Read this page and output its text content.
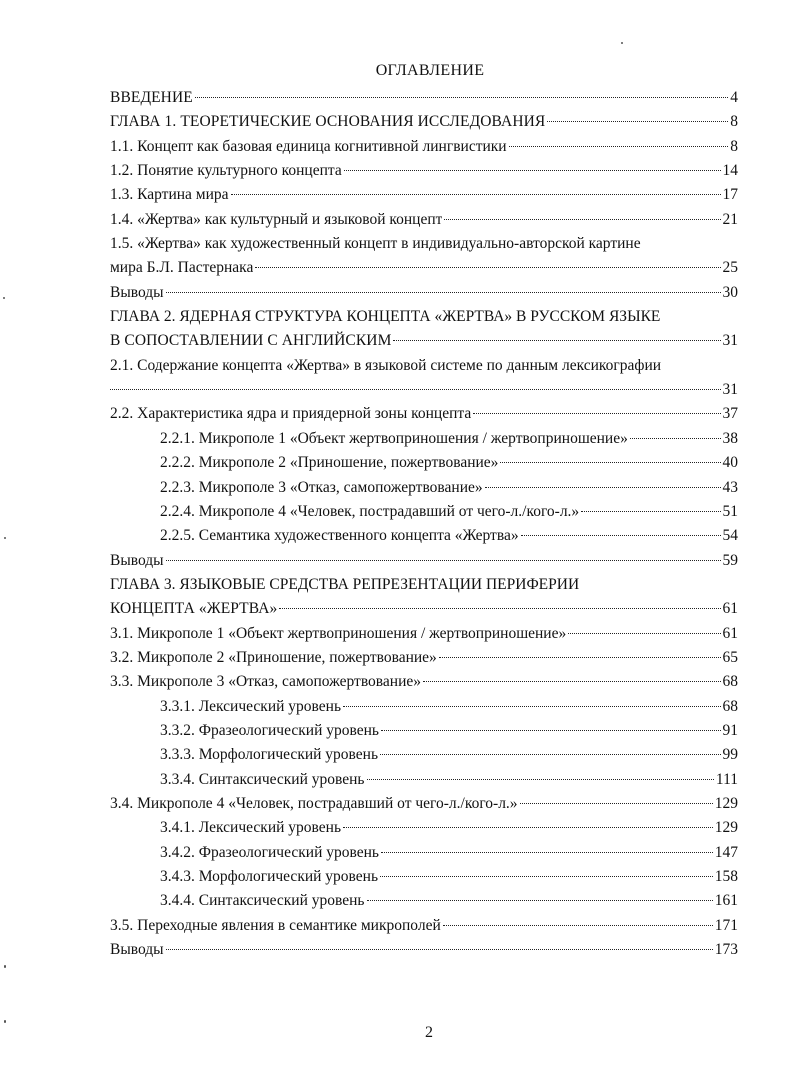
ОГЛАВЛЕНИЕ
ВВЕДЕНИЕ	4
ГЛАВА 1. ТЕОРЕТИЧЕСКИЕ ОСНОВАНИЯ ИССЛЕДОВАНИЯ	8
1.1. Концепт как базовая единица когнитивной лингвистики	8
1.2. Понятие культурного концепта	14
1.3. Картина мира	17
1.4. «Жертва» как культурный и языковой концепт	21
1.5. «Жертва» как художественный концепт в индивидуально-авторской картине
мира Б.Л. Пастернака	25
Выводы	30
ГЛАВА 2. ЯДЕРНАЯ СТРУКТУРА КОНЦЕПТА «ЖЕРТВА» В РУССКОМ ЯЗЫКЕ
В СОПОСТАВЛЕНИИ С АНГЛИЙСКИМ	31
2.1. Содержание концепта «Жертва» в языковой системе по данным лексикографии
31
2.2. Характеристика ядра и приядерной зоны концепта	37
2.2.1. Микрополе 1 «Объект жертвоприношения / жертвоприношение»	38
2.2.2. Микрополе 2 «Приношение, пожертвование»	40
2.2.3. Микрополе 3 «Отказ, самопожертвование»	43
2.2.4. Микрополе 4 «Человек, пострадавший от чего-л./кого-л.»	51
2.2.5. Семантика художественного концепта «Жертва»	54
Выводы	59
ГЛАВА 3. ЯЗЫКОВЫЕ СРЕДСТВА РЕПРЕЗЕНТАЦИИ ПЕРИФЕРИИ
КОНЦЕПТА «ЖЕРТВА»	61
3.1. Микрополе 1 «Объект жертвоприношения / жертвоприношение»	61
3.2. Микрополе 2 «Приношение, пожертвование»	65
3.3. Микрополе 3 «Отказ, самопожертвование»	68
3.3.1. Лексический уровень	68
3.3.2. Фразеологический уровень	91
3.3.3. Морфологический уровень	99
3.3.4. Синтаксический уровень	111
3.4. Микрополе 4 «Человек, пострадавший от чего-л./кого-л.»	129
3.4.1. Лексический уровень	129
3.4.2. Фразеологический уровень	147
3.4.3. Морфологический уровень	158
3.4.4. Синтаксический уровень	161
3.5. Переходные явления в семантике микрополей	171
Выводы	173
2
